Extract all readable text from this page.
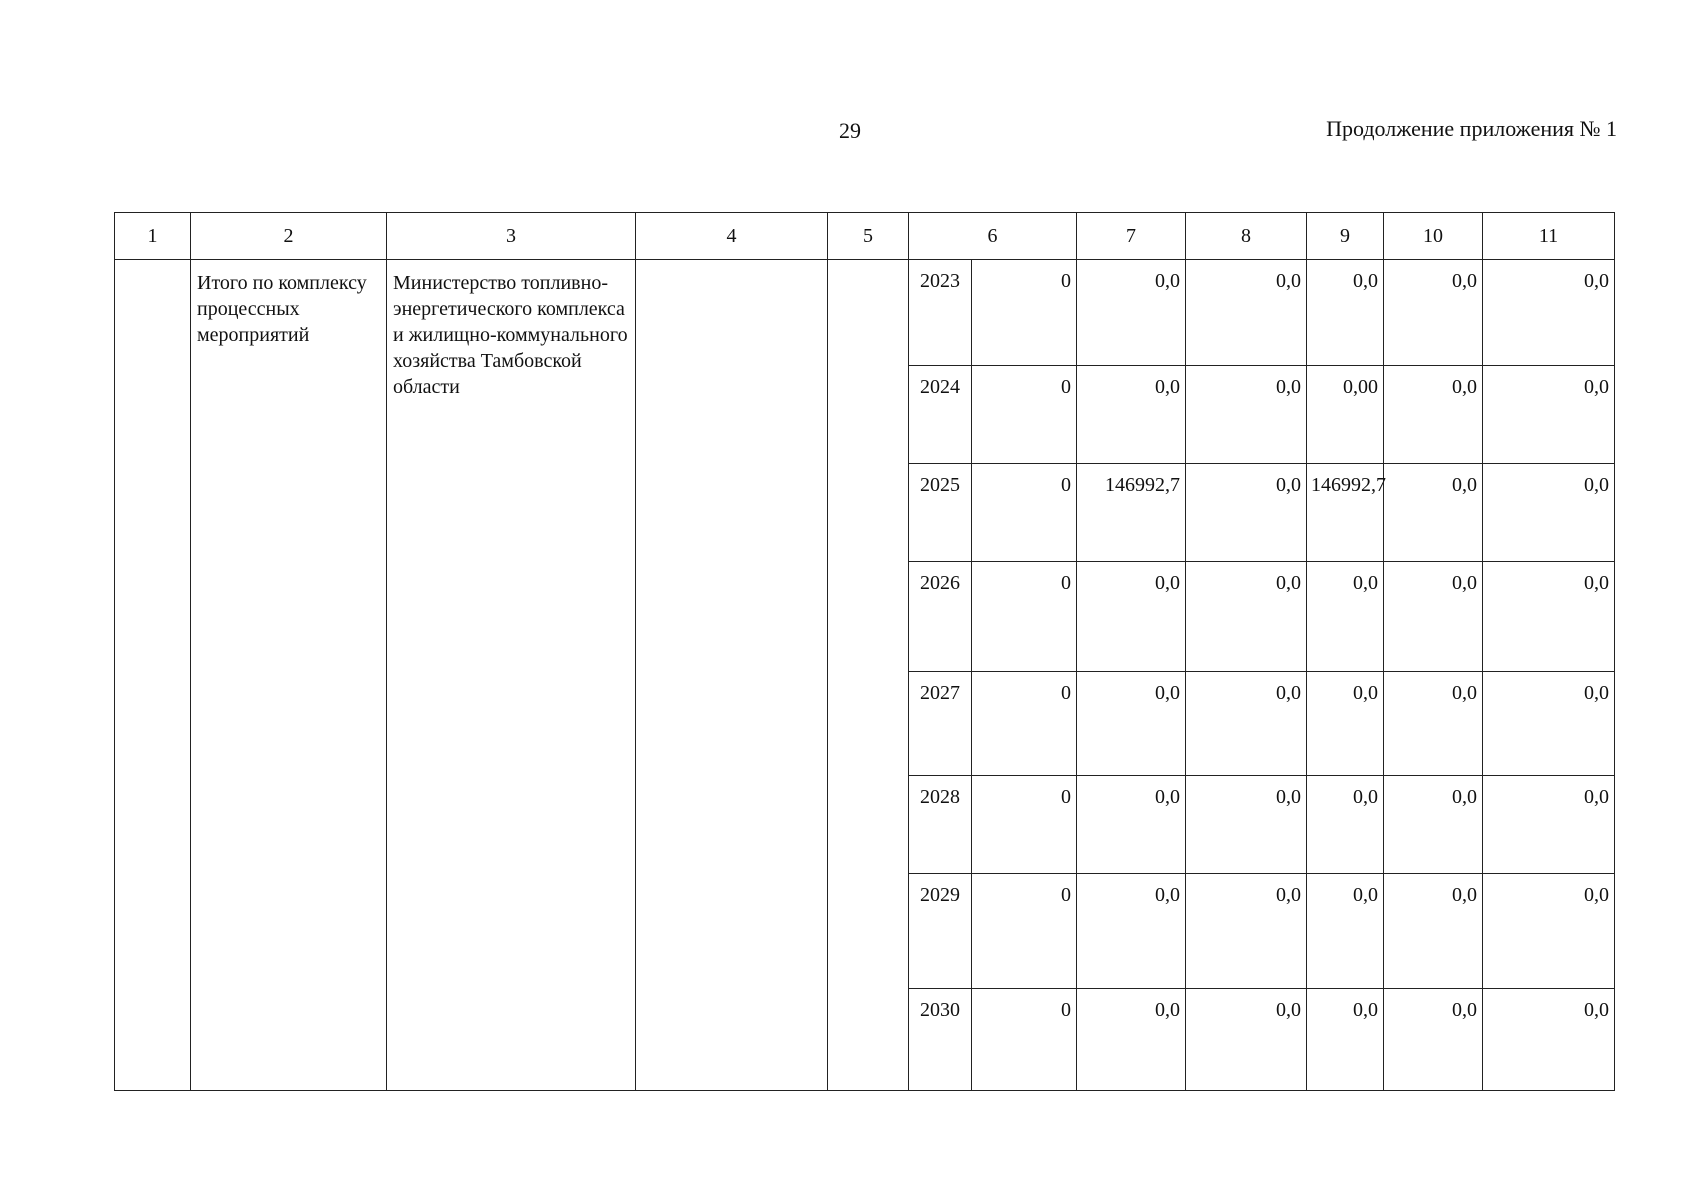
29	Продолжение приложения № 1
1	2	3	4	5	6		7	8	9	10	11
	Итого по комплексу процессных мероприятий	Министерство топливно-энергетического комплекса и жилищно-коммунального хозяйства Тамбовской области			2023	0	0,0	0,0	0,0	0,0	0,0
					2024	0	0,0	0,0	0,00	0,0	0,0
					2025	0	146992,7	0,0	146992,7	0,0	0,0
					2026	0	0,0	0,0	0,0	0,0	0,0
					2027	0	0,0	0,0	0,0	0,0	0,0
					2028	0	0,0	0,0	0,0	0,0	0,0
					2029	0	0,0	0,0	0,0	0,0	0,0
					2030	0	0,0	0,0	0,0	0,0	0,0
